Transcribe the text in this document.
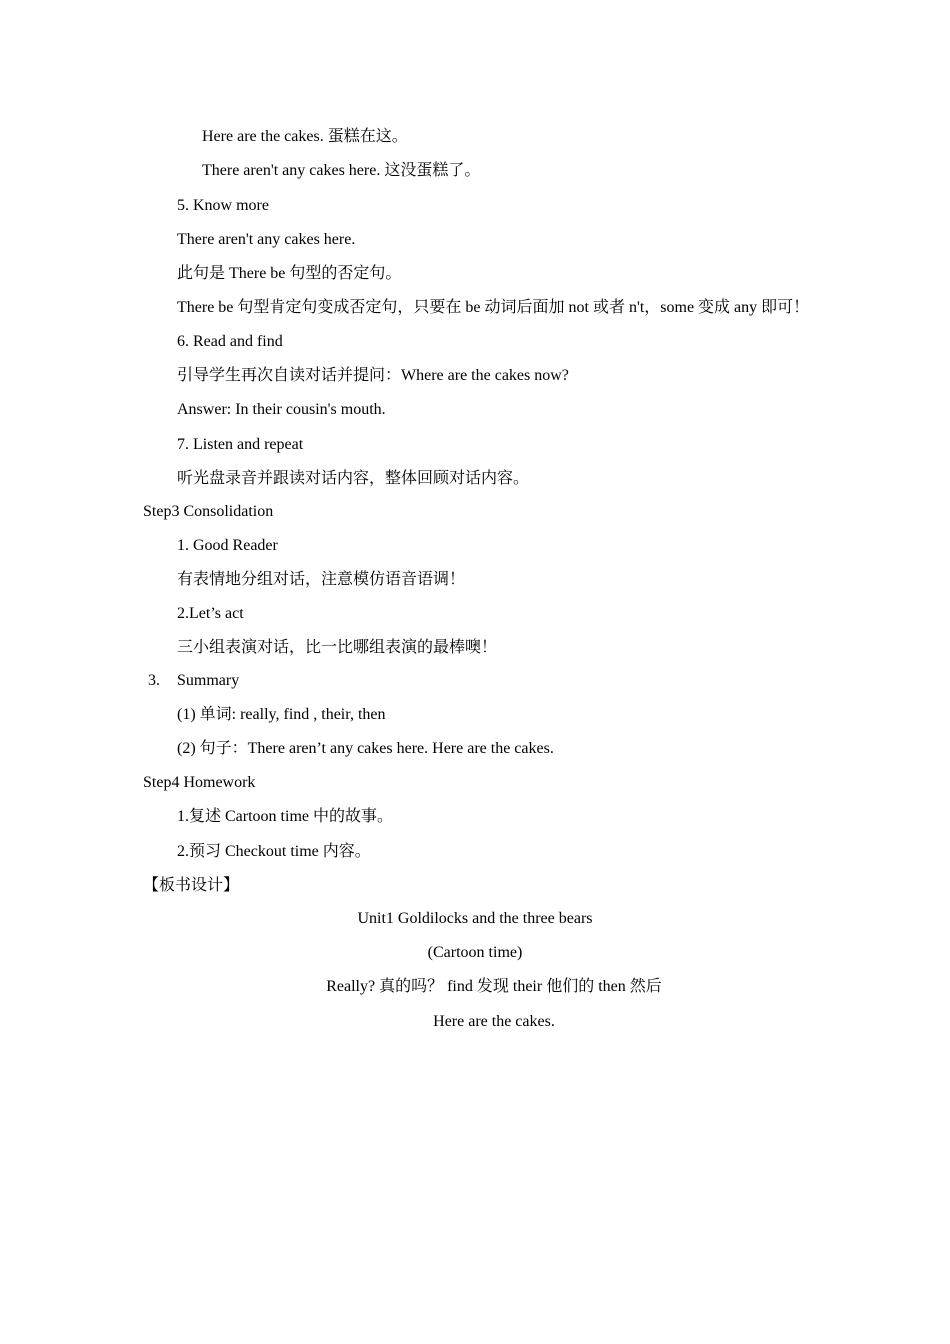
Here are the cakes. 蛋糕在这。
There aren't any cakes here. 这没蛋糕了。
5. Know more
There aren't any cakes here.
此句是 There be 句型的否定句。
There be 句型肯定句变成否定句，只要在 be 动词后面加 not 或者 n't，some 变成 any 即可！
6. Read and find
引导学生再次自读对话并提问：Where are the cakes now?
Answer: In their cousin's mouth.
7. Listen and repeat
听光盘录音并跟读对话内容，整体回顾对话内容。
Step3 Consolidation
1. Good Reader
有表情地分组对话，注意模仿语音语调！
2.Let’s act
三小组表演对话，比一比哪组表演的最棒噢！
3. Summary
(1) 单词: really, find , their, then
(2) 句子：There aren’t any cakes here. Here are the cakes.
Step4 Homework
1.复述 Cartoon time 中的故事。
2.预习 Checkout time 内容。
【板书设计】
Unit1 Goldilocks and the three bears
(Cartoon time)
Really? 真的吗？ find 发现 their 他们的 then 然后
Here are the cakes.
